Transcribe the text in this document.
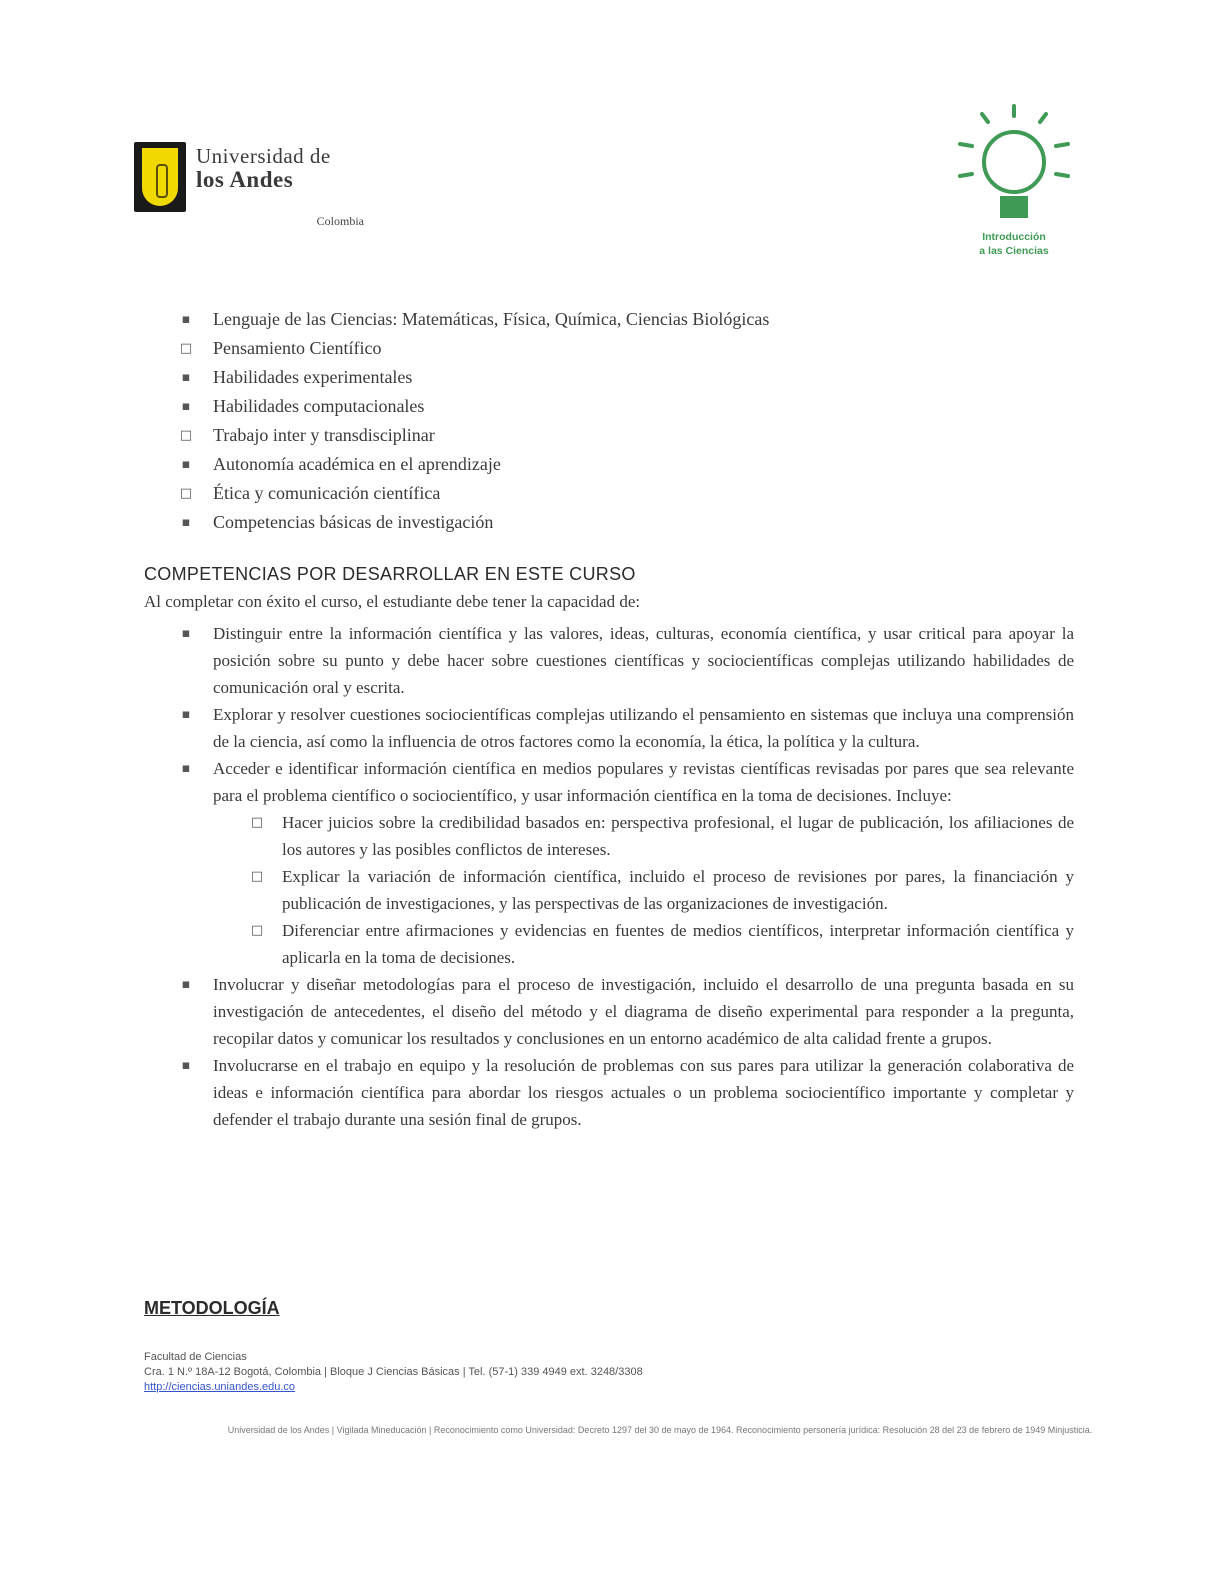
Universidad de
los Andes
Colombia
Introducción
a las Ciencias
▪ Lenguaje de las Ciencias: Matemáticas, Física, Química, Ciencias Biológicas
□ Pensamiento Científico
▪ Habilidades experimentales
▪ Habilidades computacionales
□ Trabajo inter y transdisciplinar
▪ Autonomía académica en el aprendizaje
□ Ética y comunicación científica
▪ Competencias básicas de investigación
COMPETENCIAS POR DESARROLLAR EN ESTE CURSO
Al completar con éxito el curso, el estudiante debe tener la capacidad de:
▪ Distinguir entre la información científica y las valores, ideas, culturas, economía científica, y usar critical para apoyar la posición sobre su punto y debe hacer sobre cuestiones científicas y sociocientíficas complejas utilizando habilidades de comunicación oral y escrita.
▪ Explorar y resolver cuestiones sociocientíficas complejas utilizando el pensamiento en sistemas que incluya una comprensión de la ciencia, así como la influencia de otros factores como la economía, la ética, la política y la cultura.
▪ Acceder e identificar información científica en medios populares y revistas científicas revisadas por pares que sea relevante para el problema científico o sociocientífico, y usar información científica en la toma de decisiones. Incluye:
□ Hacer juicios sobre la credibilidad basados en: perspectiva profesional, el lugar de publicación, los afiliaciones de los autores y las posibles conflictos de intereses.
□ Explicar la variación de información científica, incluido el proceso de revisiones por pares, la financiación y publicación de investigaciones, y las perspectivas de las organizaciones de investigación.
□ Diferenciar entre afirmaciones y evidencias en fuentes de medios científicos, interpretar información científica y aplicarla en la toma de decisiones.
▪ Involucrar y diseñar metodologías para el proceso de investigación, incluido el desarrollo de una pregunta basada en su investigación de antecedentes, el diseño del método y el diagrama de diseño experimental para responder a la pregunta, recopilar datos y comunicar los resultados y conclusiones en un entorno académico de alta calidad frente a grupos.
▪ Involucrarse en el trabajo en equipo y la resolución de problemas con sus pares para utilizar la generación colaborativa de ideas e información científica para abordar los riesgos actuales o un problema sociocientífico importante y completar y defender el trabajo durante una sesión final de grupos.
METODOLOGÍA
Facultad de Ciencias
Cra. 1 N.º 18A-12 Bogotá, Colombia | Bloque J Ciencias Básicas | Tel. (57-1) 339 4949 ext. 3248/3308
http://ciencias.uniandes.edu.co
Universidad de los Andes | Vigilada Mineducación | Reconocimiento como Universidad: Decreto 1297 del 30 de mayo de 1964. Reconocimiento personería jurídica: Resolución 28 del 23 de febrero de 1949 Minjusticia.
